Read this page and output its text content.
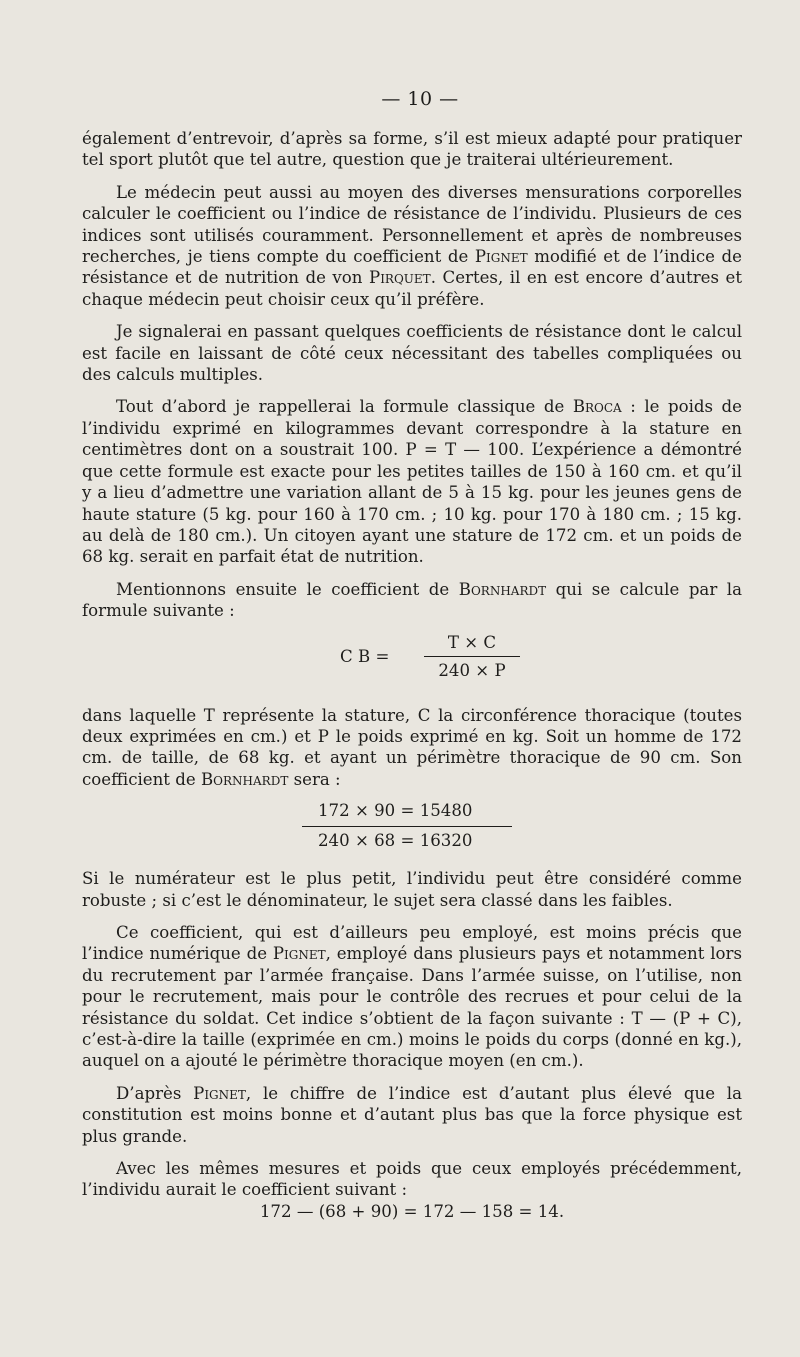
— 10 —

également d’entrevoir, d’après sa forme, s’il est mieux adapté pour pratiquer tel sport plutôt que tel autre, question que je traiterai ultérieurement.

Le médecin peut aussi au moyen des diverses mensurations corporelles calculer le coefficient ou l’indice de résistance de l’individu. Plusieurs de ces indices sont utilisés couramment. Personnellement et après de nombreuses recherches, je tiens compte du coefficient de Pignet modifié et de l’indice de résistance et de nutrition de von Pirquet. Certes, il en est encore d’autres et chaque médecin peut choisir ceux qu’il préfère.

Je signalerai en passant quelques coefficients de résistance dont le calcul est facile en laissant de côté ceux nécessitant des tabelles compliquées ou des calculs multiples.

Tout d’abord je rappellerai la formule classique de Broca : le poids de l’individu exprimé en kilogrammes devant correspondre à la stature en centimètres dont on a soustrait 100. P = T — 100. L’expérience a démontré que cette formule est exacte pour les petites tailles de 150 à 160 cm. et qu’il y a lieu d’admettre une variation allant de 5 à 15 kg. pour les jeunes gens de haute stature (5 kg. pour 160 à 170 cm. ; 10 kg. pour 170 à 180 cm. ; 15 kg. au delà de 180 cm.). Un citoyen ayant une stature de 172 cm. et un poids de 68 kg. serait en parfait état de nutrition.

Mentionnons ensuite le coefficient de Bornhardt qui se calcule par la formule suivante :

C B =
T × C
240 × P

dans laquelle T représente la stature, C la circonférence thoracique (toutes deux exprimées en cm.) et P le poids exprimé en kg. Soit un homme de 172 cm. de taille, de 68 kg. et ayant un périmètre thoracique de 90 cm. Son coefficient de Bornhardt sera :

172 × 90 = 15480
240 × 68 = 16320

Si le numérateur est le plus petit, l’individu peut être considéré comme robuste ; si c’est le dénominateur, le sujet sera classé dans les faibles.

Ce coefficient, qui est d’ailleurs peu employé, est moins précis que l’indice numérique de Pignet, employé dans plusieurs pays et notamment lors du recrutement par l’armée française. Dans l’armée suisse, on l’utilise, non pour le recrutement, mais pour le contrôle des recrues et pour celui de la résistance du soldat. Cet indice s’obtient de la façon suivante : T — (P + C), c’est-à-dire la taille (exprimée en cm.) moins le poids du corps (donné en kg.), auquel on a ajouté le périmètre thoracique moyen (en cm.).

D’après Pignet, le chiffre de l’indice est d’autant plus élevé que la constitution est moins bonne et d’autant plus bas que la force physique est plus grande.

Avec les mêmes mesures et poids que ceux employés précédemment, l’individu aurait le coefficient suivant :

172 — (68 + 90) = 172 — 158 = 14.
